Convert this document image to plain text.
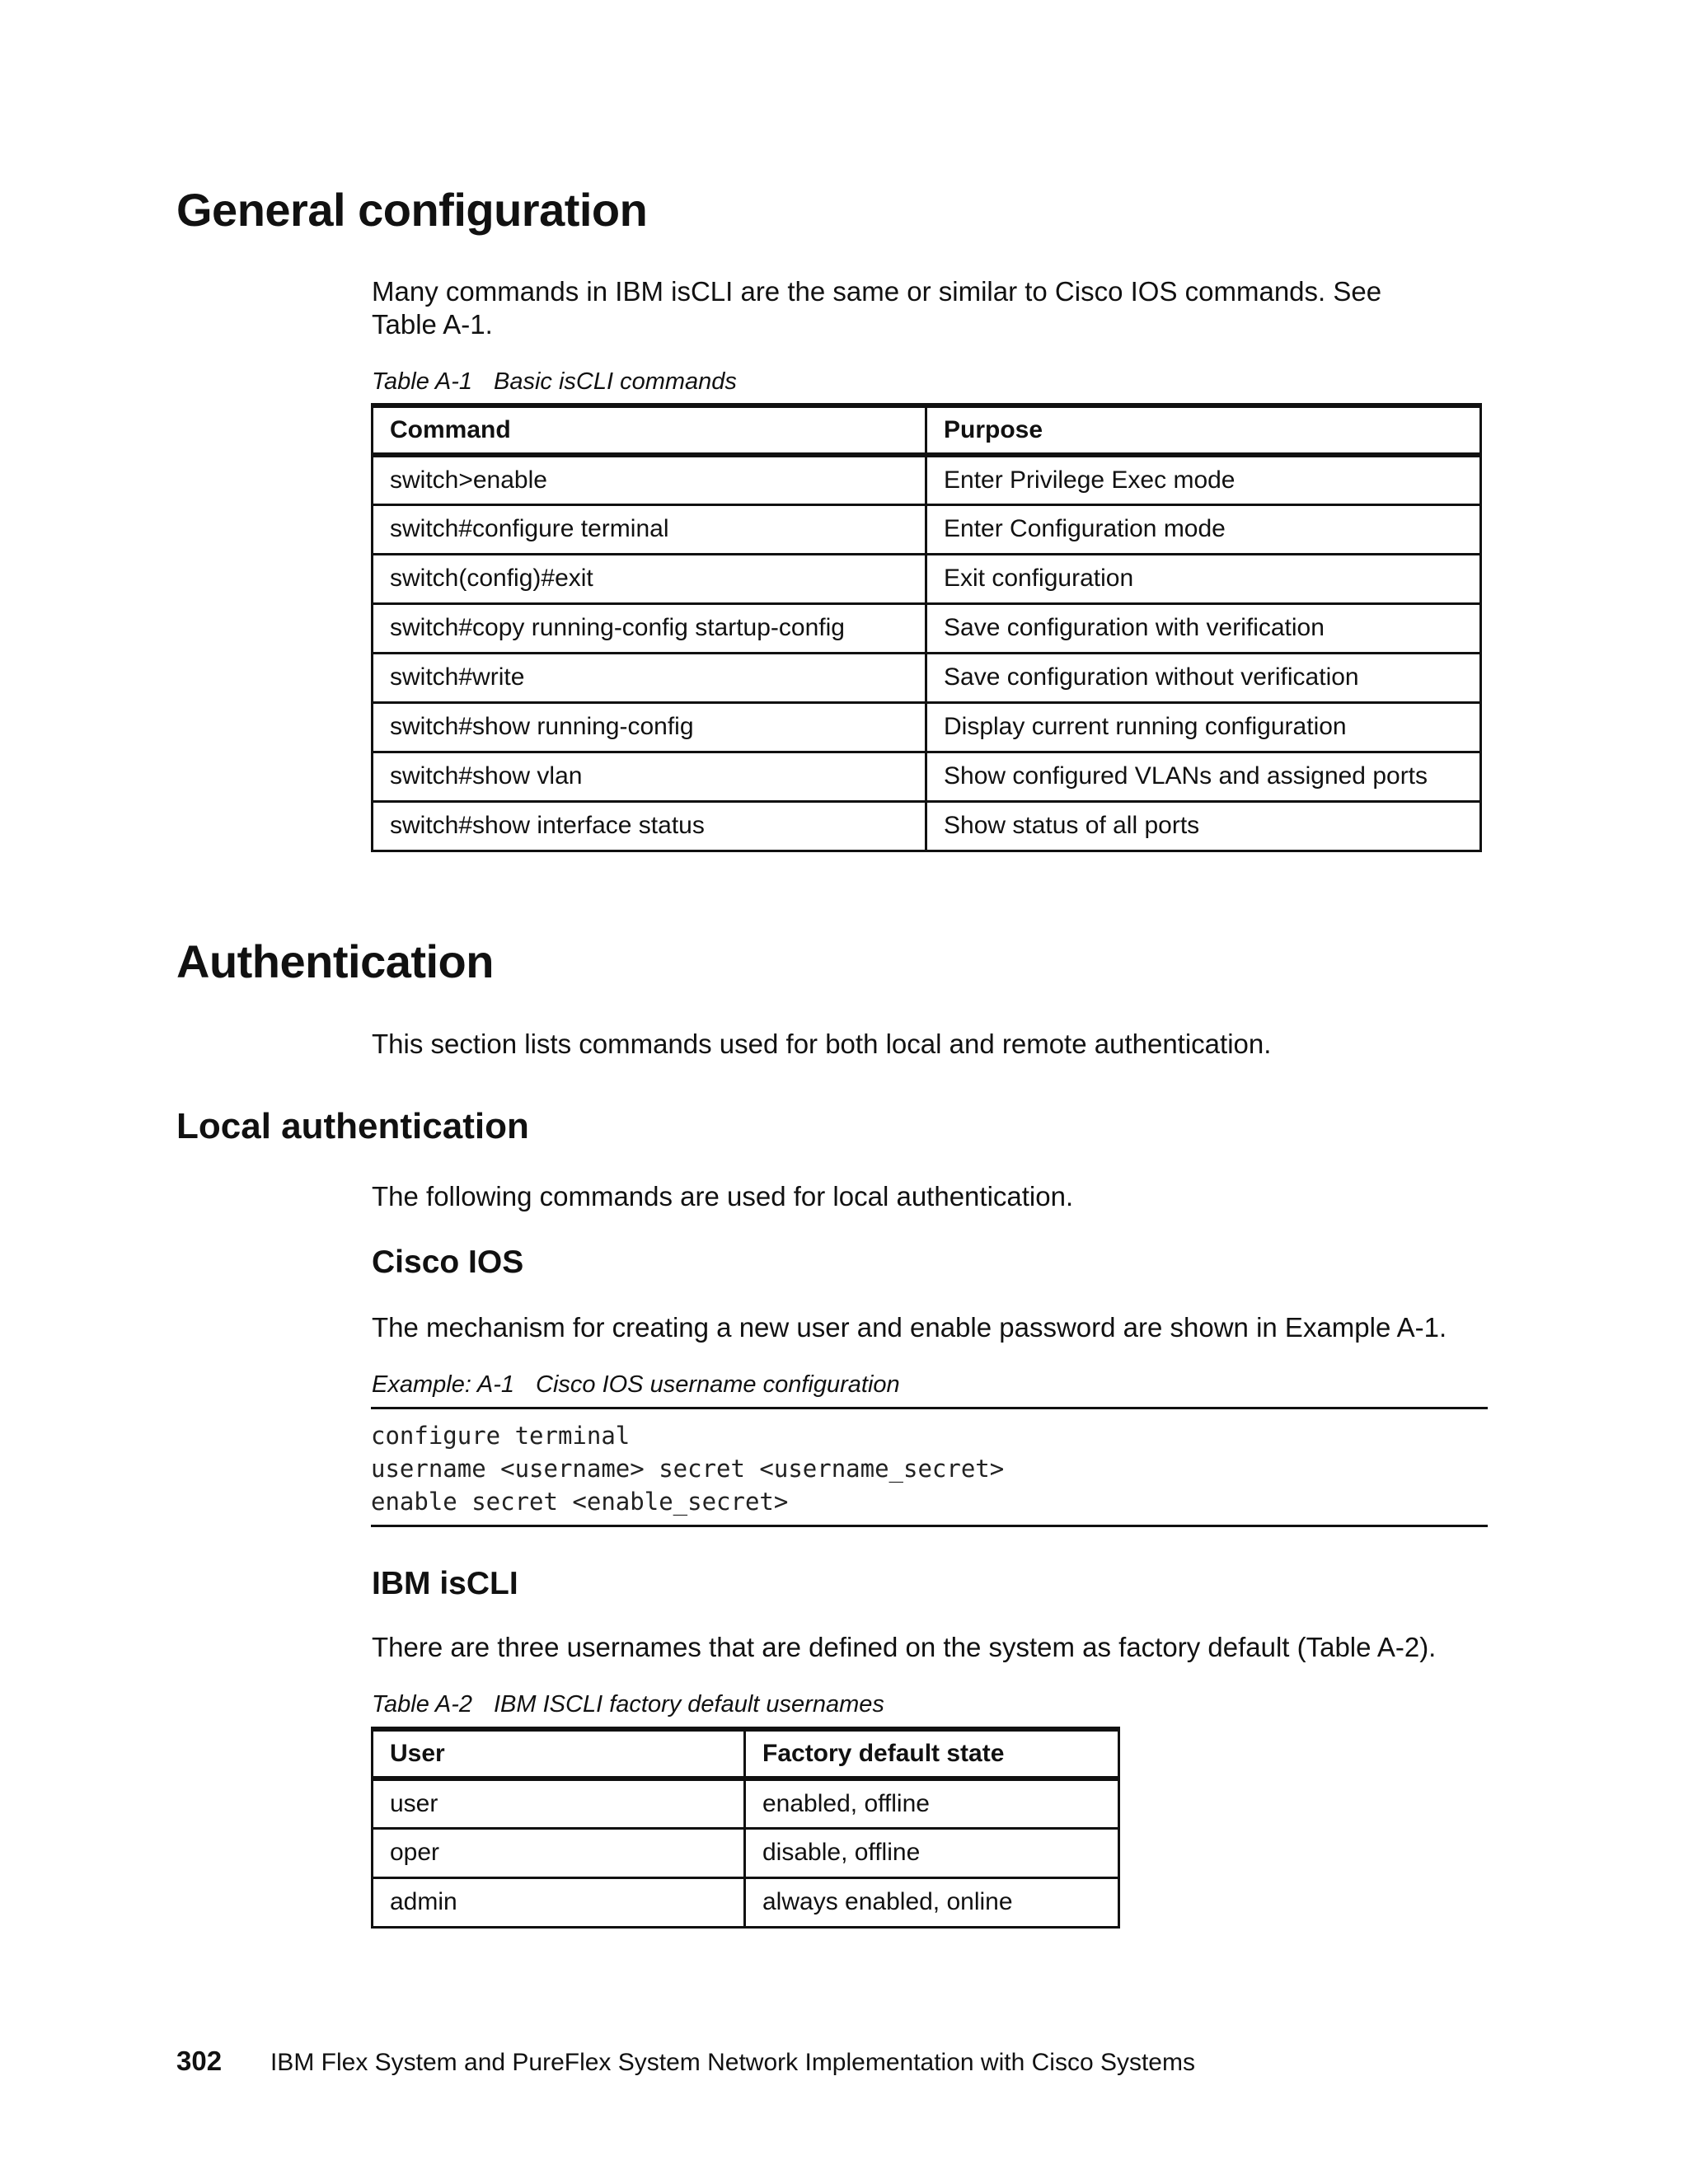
General configuration

Many commands in IBM isCLI are the same or similar to Cisco IOS commands. See

Table A-1.

Table A-1 Basic isCLI commands
Command	Purpose
switch>enable	Enter Privilege Exec mode
switch#configure terminal	Enter Configuration mode
switch(config)#exit	Exit configuration
switch#copy running-config startup-config	Save configuration with verification
switch#write	Save configuration without verification
switch#show running-config	Display current running configuration
switch#show vlan	Show configured VLANs and assigned ports
switch#show interface status	Show status of all ports
Authentication

This section lists commands used for both local and remote authentication.

Local authentication

The following commands are used for local authentication.

Cisco IOS

The mechanism for creating a new user and enable password are shown in Example A-1.

Example: A-1 Cisco IOS username configuration
configure terminal
username <username> secret <username_secret>
enable secret <enable_secret>
IBM isCLI

There are three usernames that are defined on the system as factory default (Table A-2).

Table A-2 IBM ISCLI factory default usernames
User	Factory default state
user	enabled, offline
oper	disable, offline
admin	always enabled, online
302 IBM Flex System and PureFlex System Network Implementation with Cisco Systems
